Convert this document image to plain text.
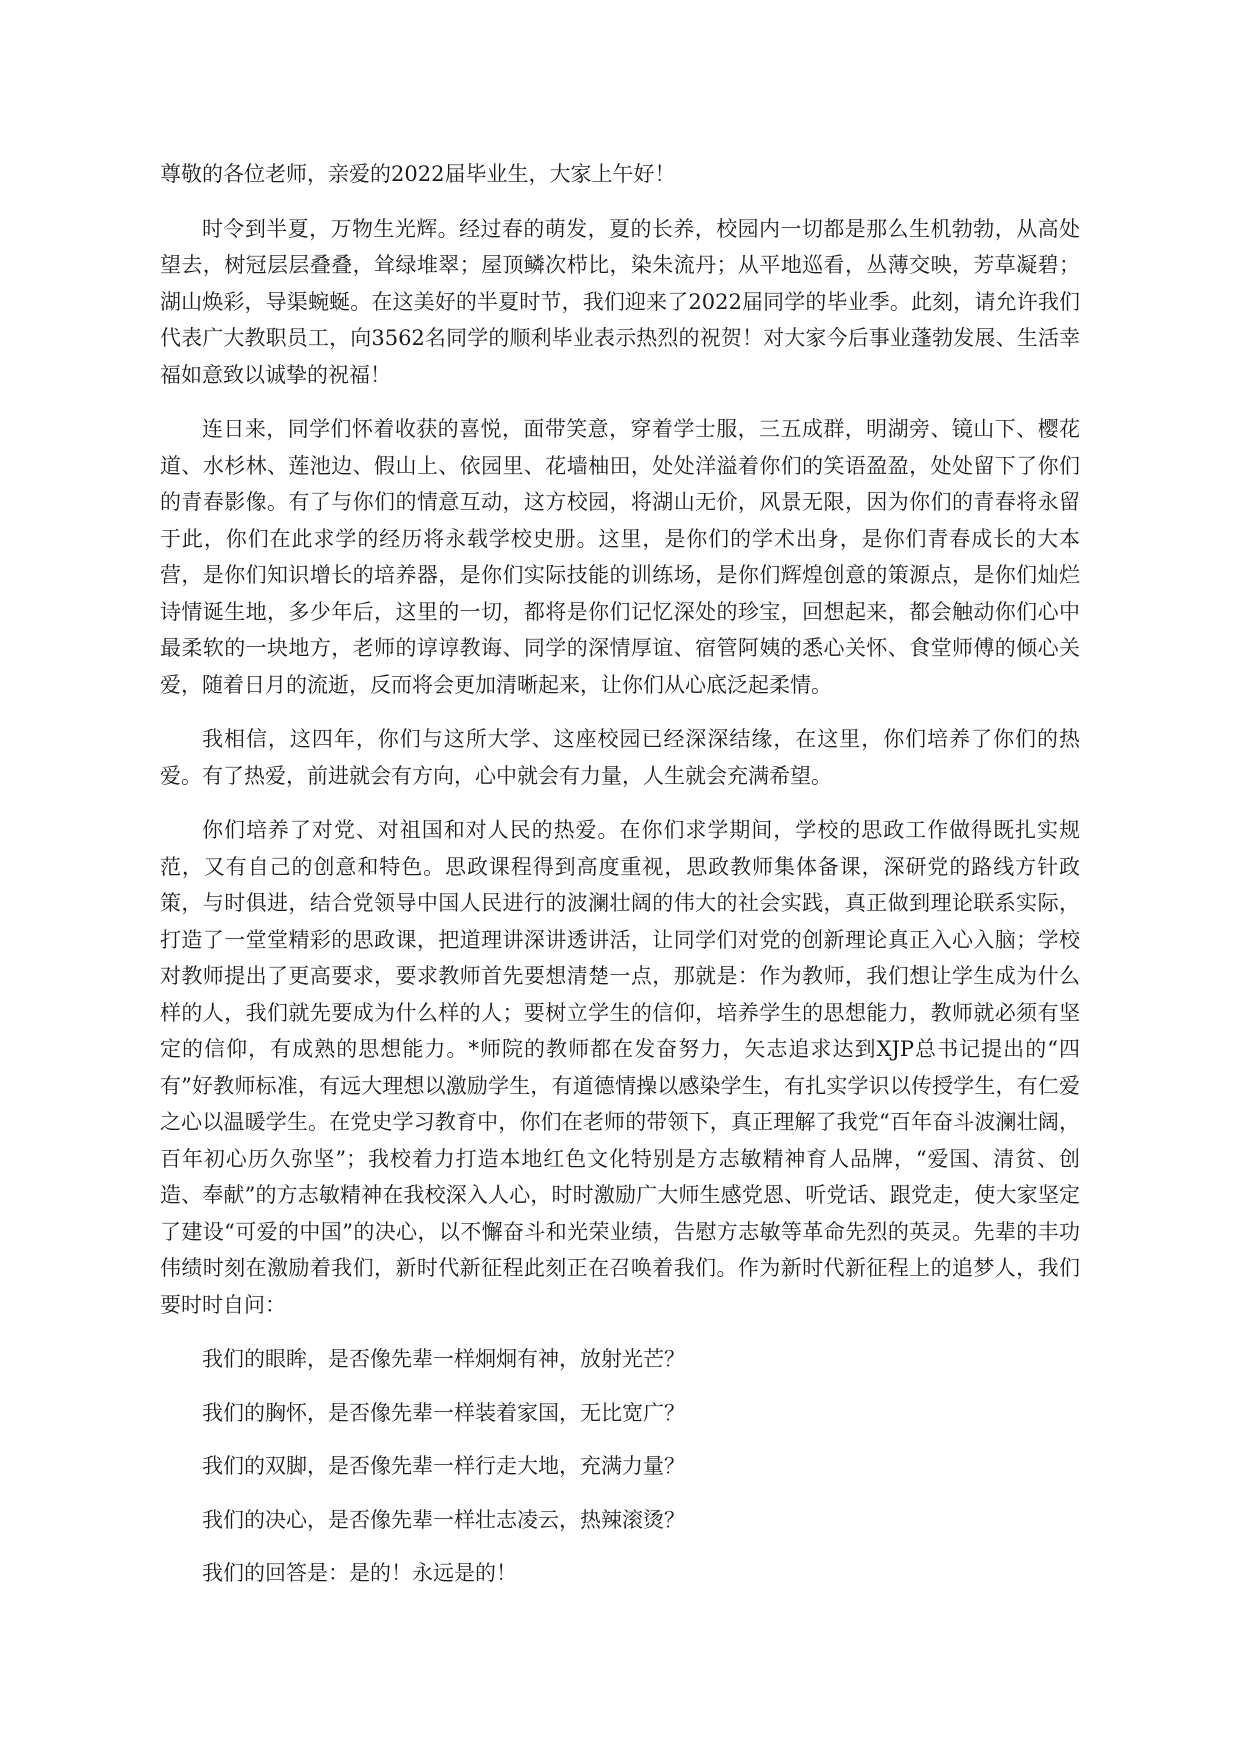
尊敬的各位老师，亲爱的2022届毕业生，大家上午好！

时令到半夏，万物生光辉。经过春的萌发，夏的长养，校园内一切都是那么生机勃勃，从高处望去，树冠层层叠叠，耸绿堆翠；屋顶鳞次栉比，染朱流丹；从平地巡看，丛薄交映，芳草凝碧；湖山焕彩，导渠蜿蜒。在这美好的半夏时节，我们迎来了2022届同学的毕业季。此刻，请允许我们代表广大教职员工，向3562名同学的顺利毕业表示热烈的祝贺！对大家今后事业蓬勃发展、生活幸福如意致以诚挚的祝福！

连日来，同学们怀着收获的喜悦，面带笑意，穿着学士服，三五成群，明湖旁、镜山下、樱花道、水杉林、莲池边、假山上、依园里、花墙柚田，处处洋溢着你们的笑语盈盈，处处留下了你们的青春影像。有了与你们的情意互动，这方校园，将湖山无价，风景无限，因为你们的青春将永留于此，你们在此求学的经历将永载学校史册。这里，是你们的学术出身，是你们青春成长的大本营，是你们知识增长的培养器，是你们实际技能的训练场，是你们辉煌创意的策源点，是你们灿烂诗情诞生地，多少年后，这里的一切，都将是你们记忆深处的珍宝，回想起来，都会触动你们心中最柔软的一块地方，老师的谆谆教诲、同学的深情厚谊、宿管阿姨的悉心关怀、食堂师傅的倾心关爱，随着日月的流逝，反而将会更加清晰起来，让你们从心底泛起柔情。

我相信，这四年，你们与这所大学、这座校园已经深深结缘，在这里，你们培养了你们的热爱。有了热爱，前进就会有方向，心中就会有力量，人生就会充满希望。

你们培养了对党、对祖国和对人民的热爱。在你们求学期间，学校的思政工作做得既扎实规范，又有自己的创意和特色。思政课程得到高度重视，思政教师集体备课，深研党的路线方针政策，与时俱进，结合党领导中国人民进行的波澜壮阔的伟大的社会实践，真正做到理论联系实际，打造了一堂堂精彩的思政课，把道理讲深讲透讲活，让同学们对党的创新理论真正入心入脑；学校对教师提出了更高要求，要求教师首先要想清楚一点，那就是：作为教师，我们想让学生成为什么样的人，我们就先要成为什么样的人；要树立学生的信仰，培养学生的思想能力，教师就必须有坚定的信仰，有成熟的思想能力。*师院的教师都在发奋努力，矢志追求达到XJP总书记提出的“四有”好教师标准，有远大理想以激励学生，有道德情操以感染学生，有扎实学识以传授学生，有仁爱之心以温暖学生。在党史学习教育中，你们在老师的带领下，真正理解了我党“百年奋斗波澜壮阔，百年初心历久弥坚”；我校着力打造本地红色文化特别是方志敏精神育人品牌，“爱国、清贫、创造、奉献”的方志敏精神在我校深入人心，时时激励广大师生感党恩、听党话、跟党走，使大家坚定了建设“可爱的中国”的决心，以不懈奋斗和光荣业绩，告慰方志敏等革命先烈的英灵。先辈的丰功伟绩时刻在激励着我们，新时代新征程此刻正在召唤着我们。作为新时代新征程上的追梦人，我们要时时自问：

我们的眼眸，是否像先辈一样炯炯有神，放射光芒？

我们的胸怀，是否像先辈一样装着家国，无比宽广？

我们的双脚，是否像先辈一样行走大地，充满力量？

我们的决心，是否像先辈一样壮志凌云，热辣滚烫？

我们的回答是：是的！永远是的！
